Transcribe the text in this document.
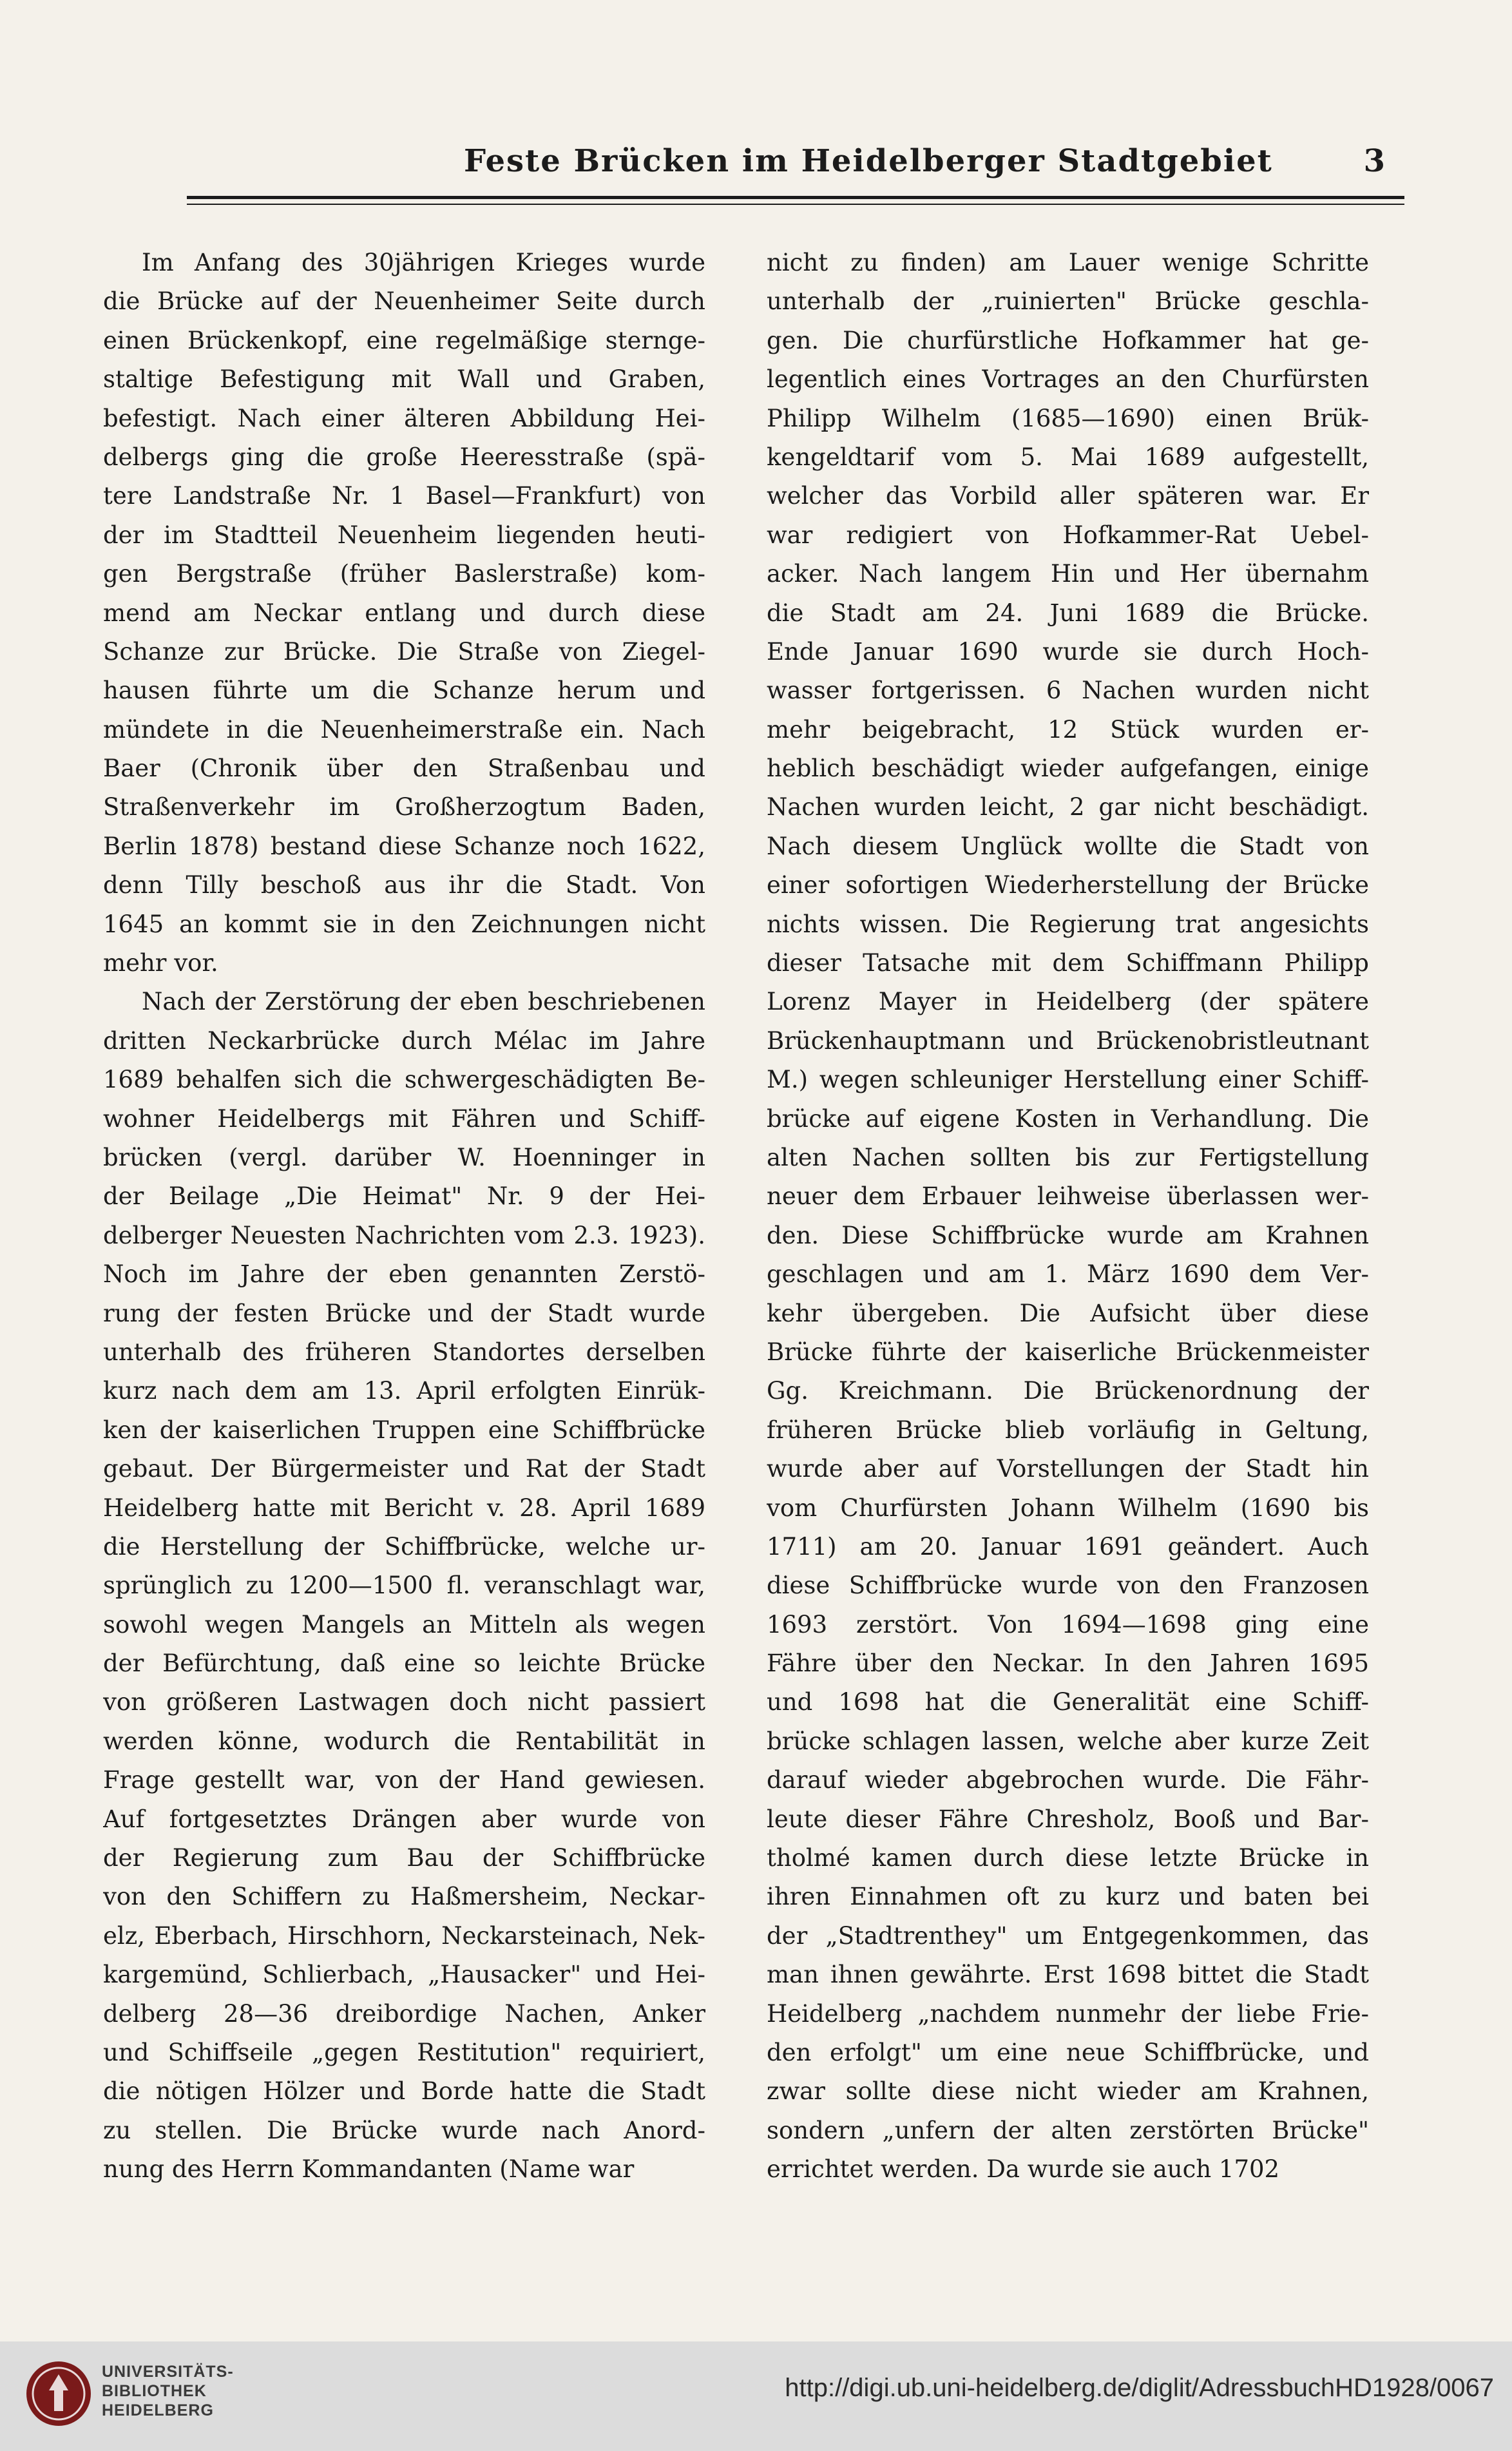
Feste Brücken im Heidelberger Stadtgebiet	3
Im Anfang des 30jährigen Krieges wurde
die Brücke auf der Neuenheimer Seite durch
einen Brückenkopf, eine regelmäßige sternge-
staltige Befestigung mit Wall und Graben,
befestigt. Nach einer älteren Abbildung Hei-
delbergs ging die große Heeresstraße (spä-
tere Landstraße Nr. 1 Basel—Frankfurt) von
der im Stadtteil Neuenheim liegenden heuti-
gen Bergstraße (früher Baslerstraße) kom-
mend am Neckar entlang und durch diese
Schanze zur Brücke. Die Straße von Ziegel-
hausen führte um die Schanze herum und
mündete in die Neuenheimerstraße ein. Nach
Baer (Chronik über den Straßenbau und
Straßenverkehr im Großherzogtum Baden,
Berlin 1878) bestand diese Schanze noch 1622,
denn Tilly beschoß aus ihr die Stadt. Von
1645 an kommt sie in den Zeichnungen nicht
mehr vor.
Nach der Zerstörung der eben beschriebenen
dritten Neckarbrücke durch Mélac im Jahre
1689 behalfen sich die schwergeschädigten Be-
wohner Heidelbergs mit Fähren und Schiff-
brücken (vergl. darüber W. Hoenninger in
der Beilage „Die Heimat" Nr. 9 der Hei-
delberger Neuesten Nachrichten vom 2.3. 1923).
Noch im Jahre der eben genannten Zerstö-
rung der festen Brücke und der Stadt wurde
unterhalb des früheren Standortes derselben
kurz nach dem am 13. April erfolgten Einrük-
ken der kaiserlichen Truppen eine Schiffbrücke
gebaut. Der Bürgermeister und Rat der Stadt
Heidelberg hatte mit Bericht v. 28. April 1689
die Herstellung der Schiffbrücke, welche ur-
sprünglich zu 1200—1500 fl. veranschlagt war,
sowohl wegen Mangels an Mitteln als wegen
der Befürchtung, daß eine so leichte Brücke
von größeren Lastwagen doch nicht passiert
werden könne, wodurch die Rentabilität in
Frage gestellt war, von der Hand gewiesen.
Auf fortgesetztes Drängen aber wurde von
der Regierung zum Bau der Schiffbrücke
von den Schiffern zu Haßmersheim, Neckar-
elz, Eberbach, Hirschhorn, Neckarsteinach, Nek-
kargemünd, Schlierbach, „Hausacker" und Hei-
delberg 28—36 dreibordige Nachen, Anker
und Schiffseile „gegen Restitution" requiriert,
die nötigen Hölzer und Borde hatte die Stadt
zu stellen. Die Brücke wurde nach Anord-
nung des Herrn Kommandanten (Name war
nicht zu finden) am Lauer wenige Schritte
unterhalb der „ruinierten" Brücke geschla-
gen. Die churfürstliche Hofkammer hat ge-
legentlich eines Vortrages an den Churfürsten
Philipp Wilhelm (1685—1690) einen Brük-
kengeldtarif vom 5. Mai 1689 aufgestellt,
welcher das Vorbild aller späteren war. Er
war redigiert von Hofkammer-Rat Uebel-
acker. Nach langem Hin und Her übernahm
die Stadt am 24. Juni 1689 die Brücke.
Ende Januar 1690 wurde sie durch Hoch-
wasser fortgerissen. 6 Nachen wurden nicht
mehr beigebracht, 12 Stück wurden er-
heblich beschädigt wieder aufgefangen, einige
Nachen wurden leicht, 2 gar nicht beschädigt.
Nach diesem Unglück wollte die Stadt von
einer sofortigen Wiederherstellung der Brücke
nichts wissen. Die Regierung trat angesichts
dieser Tatsache mit dem Schiffmann Philipp
Lorenz Mayer in Heidelberg (der spätere
Brückenhauptmann und Brückenobristleutnant
M.) wegen schleuniger Herstellung einer Schiff-
brücke auf eigene Kosten in Verhandlung. Die
alten Nachen sollten bis zur Fertigstellung
neuer dem Erbauer leihweise überlassen wer-
den. Diese Schiffbrücke wurde am Krahnen
geschlagen und am 1. März 1690 dem Ver-
kehr übergeben. Die Aufsicht über diese
Brücke führte der kaiserliche Brückenmeister
Gg. Kreichmann. Die Brückenordnung der
früheren Brücke blieb vorläufig in Geltung,
wurde aber auf Vorstellungen der Stadt hin
vom Churfürsten Johann Wilhelm (1690 bis
1711) am 20. Januar 1691 geändert. Auch
diese Schiffbrücke wurde von den Franzosen
1693 zerstört. Von 1694—1698 ging eine
Fähre über den Neckar. In den Jahren 1695
und 1698 hat die Generalität eine Schiff-
brücke schlagen lassen, welche aber kurze Zeit
darauf wieder abgebrochen wurde. Die Fähr-
leute dieser Fähre Chresholz, Booß und Bar-
tholmé kamen durch diese letzte Brücke in
ihren Einnahmen oft zu kurz und baten bei
der „Stadtrenthey" um Entgegenkommen, das
man ihnen gewährte. Erst 1698 bittet die Stadt
Heidelberg „nachdem nunmehr der liebe Frie-
den erfolgt" um eine neue Schiffbrücke, und
zwar sollte diese nicht wieder am Krahnen,
sondern „unfern der alten zerstörten Brücke"
errichtet werden. Da wurde sie auch 1702
UNIVERSITÄTS-
BIBLIOTHEK
HEIDELBERG
http://digi.ub.uni-heidelberg.de/diglit/AdressbuchHD1928/0067
